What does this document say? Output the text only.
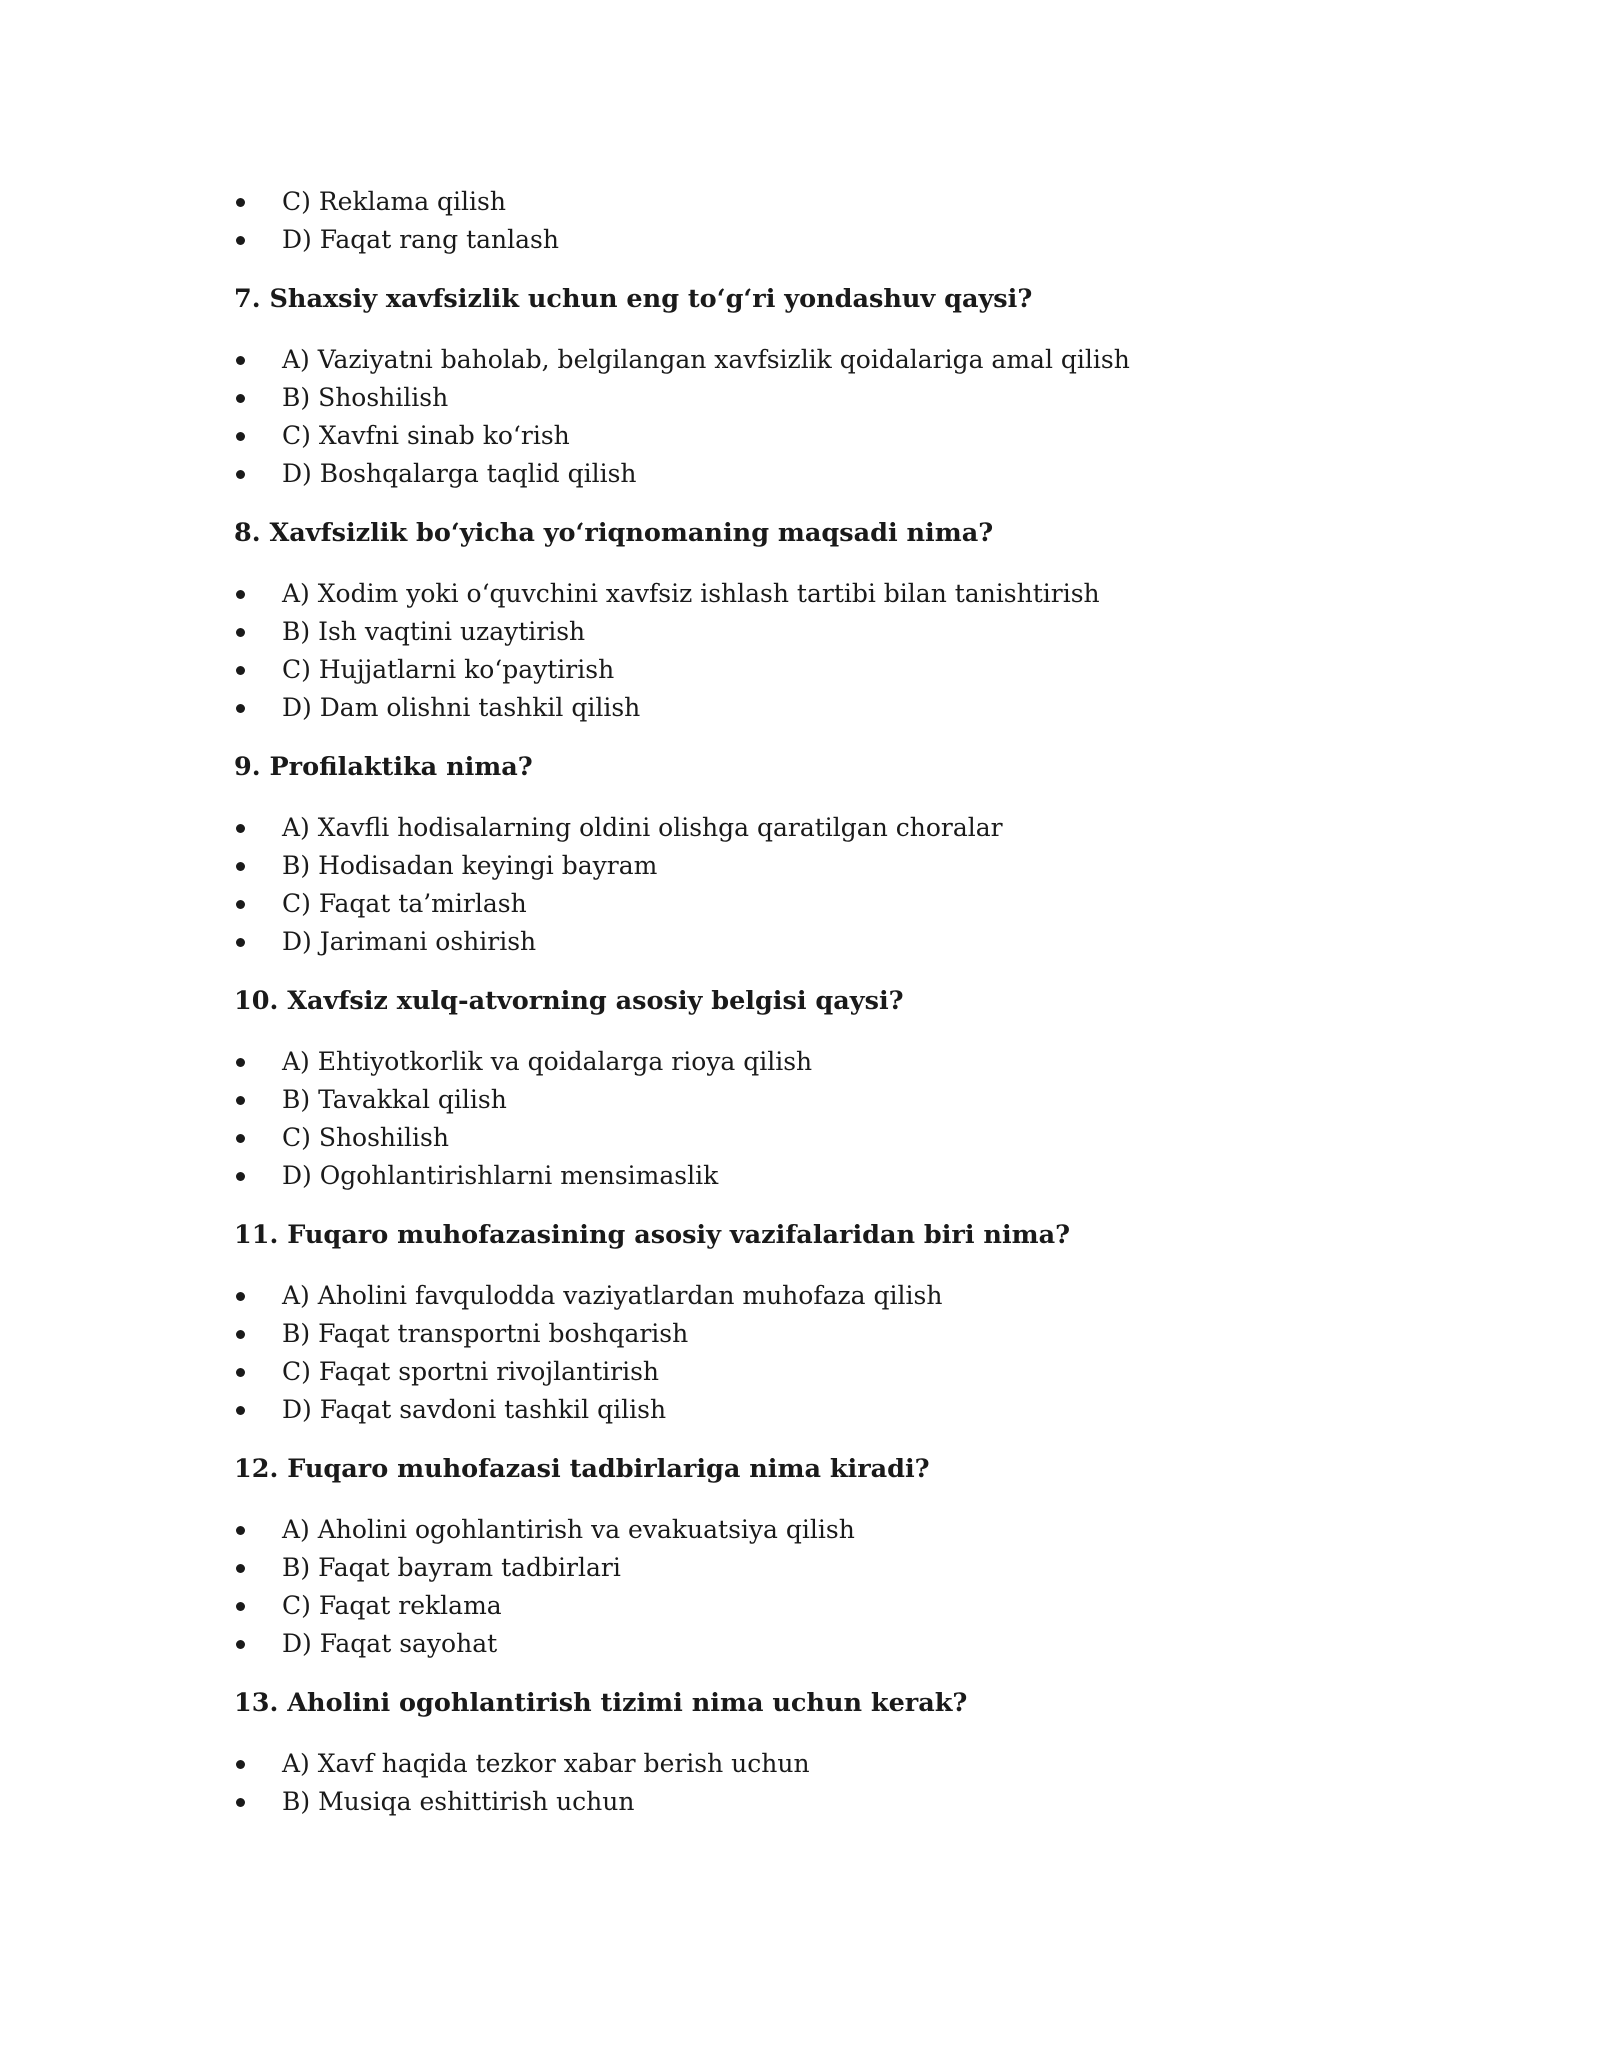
C) Reklama qilish
D) Faqat rang tanlash
7. Shaxsiy xavfsizlik uchun eng to‘g‘ri yondashuv qaysi?
A) Vaziyatni baholab, belgilangan xavfsizlik qoidalariga amal qilish
B) Shoshilish
C) Xavfni sinab ko‘rish
D) Boshqalarga taqlid qilish
8. Xavfsizlik bo‘yicha yo‘riqnomaning maqsadi nima?
A) Xodim yoki o‘quvchini xavfsiz ishlash tartibi bilan tanishtirish
B) Ish vaqtini uzaytirish
C) Hujjatlarni ko‘paytirish
D) Dam olishni tashkil qilish
9. Profilaktika nima?
A) Xavfli hodisalarning oldini olishga qaratilgan choralar
B) Hodisadan keyingi bayram
C) Faqat ta’mirlash
D) Jarimani oshirish
10. Xavfsiz xulq-atvorning asosiy belgisi qaysi?
A) Ehtiyotkorlik va qoidalarga rioya qilish
B) Tavakkal qilish
C) Shoshilish
D) Ogohlantirishlarni mensimaslik
11. Fuqaro muhofazasining asosiy vazifalaridan biri nima?
A) Aholini favqulodda vaziyatlardan muhofaza qilish
B) Faqat transportni boshqarish
C) Faqat sportni rivojlantirish
D) Faqat savdoni tashkil qilish
12. Fuqaro muhofazasi tadbirlariga nima kiradi?
A) Aholini ogohlantirish va evakuatsiya qilish
B) Faqat bayram tadbirlari
C) Faqat reklama
D) Faqat sayohat
13. Aholini ogohlantirish tizimi nima uchun kerak?
A) Xavf haqida tezkor xabar berish uchun
B) Musiqa eshittirish uchun
